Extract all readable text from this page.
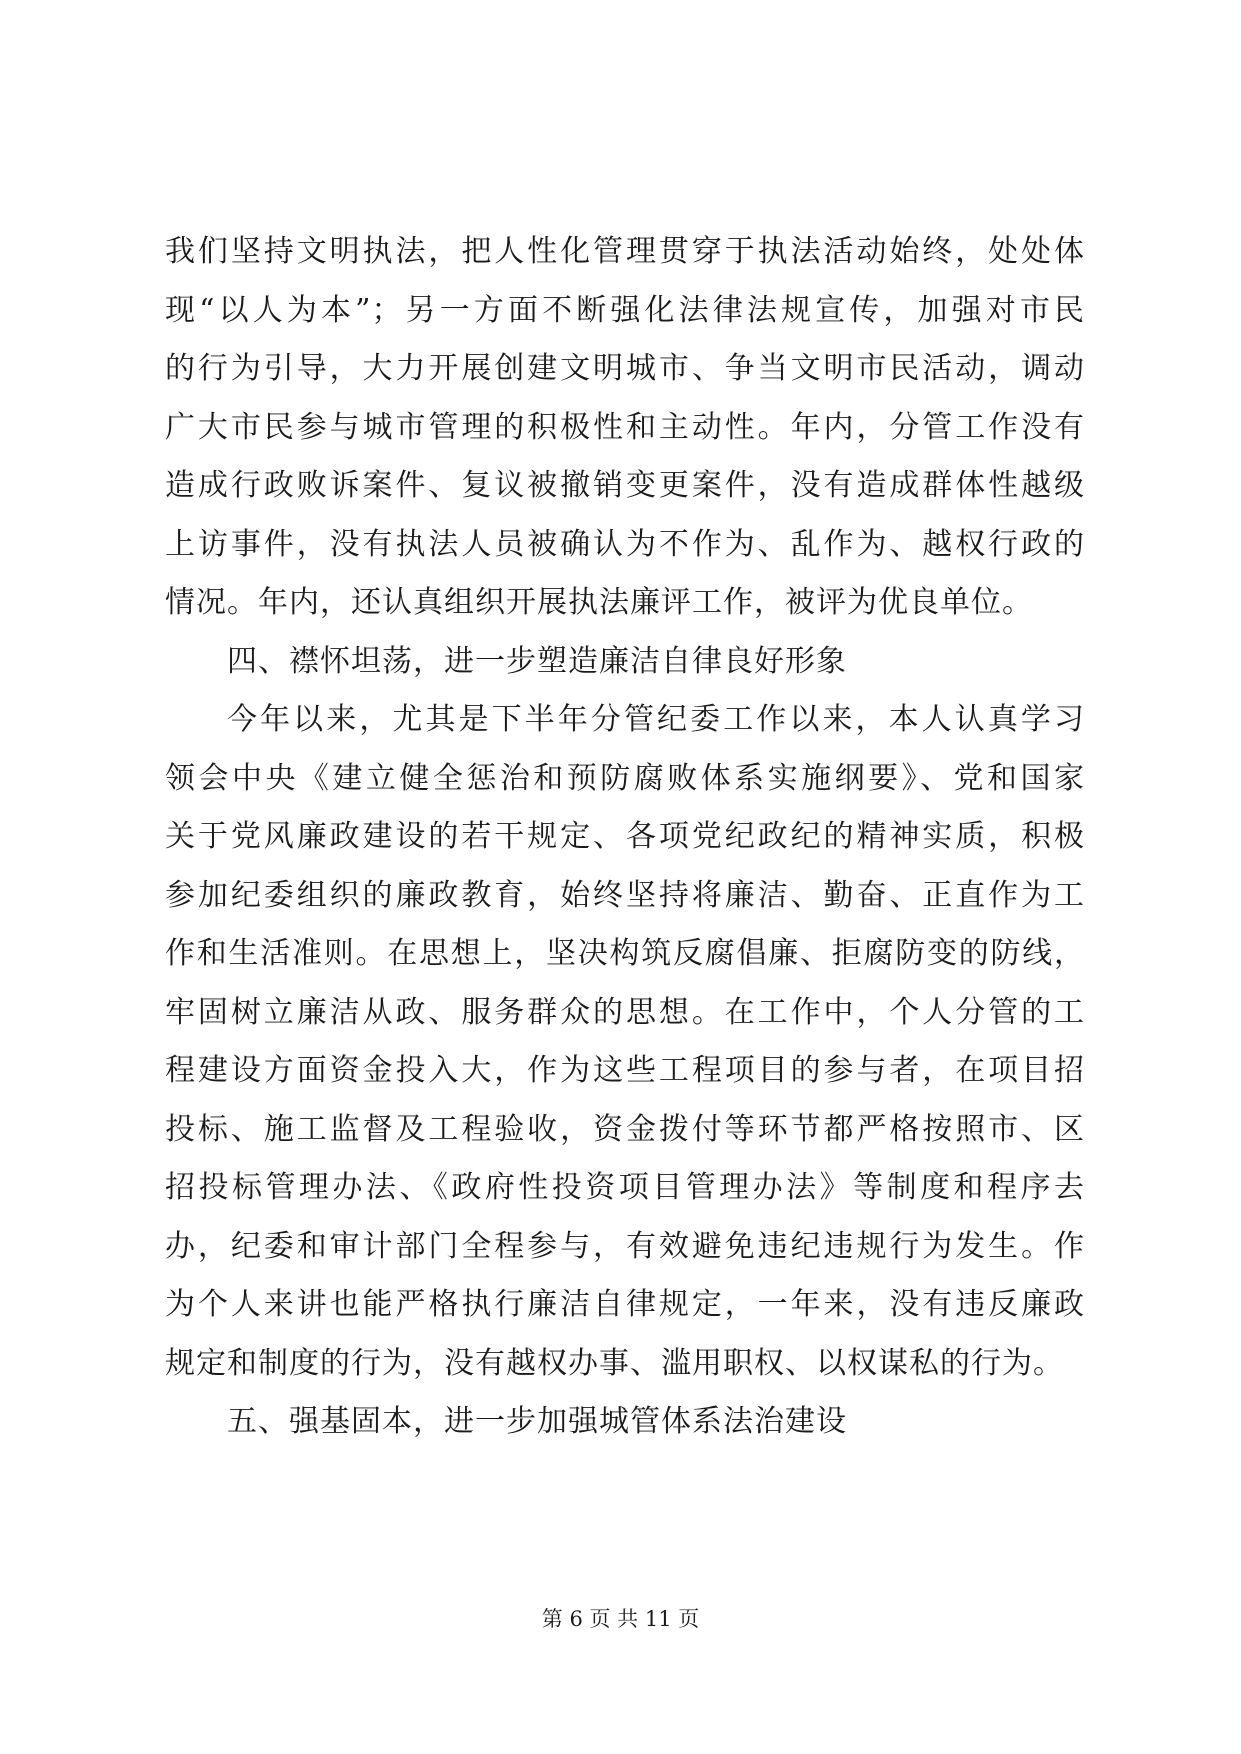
我们坚持文明执法，把人性化管理贯穿于执法活动始终，处处体
现“以人为本”；另一方面不断强化法律法规宣传，加强对市民
的行为引导，大力开展创建文明城市、争当文明市民活动，调动
广大市民参与城市管理的积极性和主动性。年内，分管工作没有
造成行政败诉案件、复议被撤销变更案件，没有造成群体性越级
上访事件，没有执法人员被确认为不作为、乱作为、越权行政的
情况。年内，还认真组织开展执法廉评工作，被评为优良单位。
四、襟怀坦荡，进一步塑造廉洁自律良好形象
今年以来，尤其是下半年分管纪委工作以来，本人认真学习
领会中央《建立健全惩治和预防腐败体系实施纲要》、党和国家
关于党风廉政建设的若干规定、各项党纪政纪的精神实质，积极
参加纪委组织的廉政教育，始终坚持将廉洁、勤奋、正直作为工
作和生活准则。在思想上，坚决构筑反腐倡廉、拒腐防变的防线，
牢固树立廉洁从政、服务群众的思想。在工作中，个人分管的工
程建设方面资金投入大，作为这些工程项目的参与者，在项目招
投标、施工监督及工程验收，资金拨付等环节都严格按照市、区
招投标管理办法、《政府性投资项目管理办法》等制度和程序去
办，纪委和审计部门全程参与，有效避免违纪违规行为发生。作
为个人来讲也能严格执行廉洁自律规定，一年来，没有违反廉政
规定和制度的行为，没有越权办事、滥用职权、以权谋私的行为。
五、强基固本，进一步加强城管体系法治建设
第 6 页 共 11 页
